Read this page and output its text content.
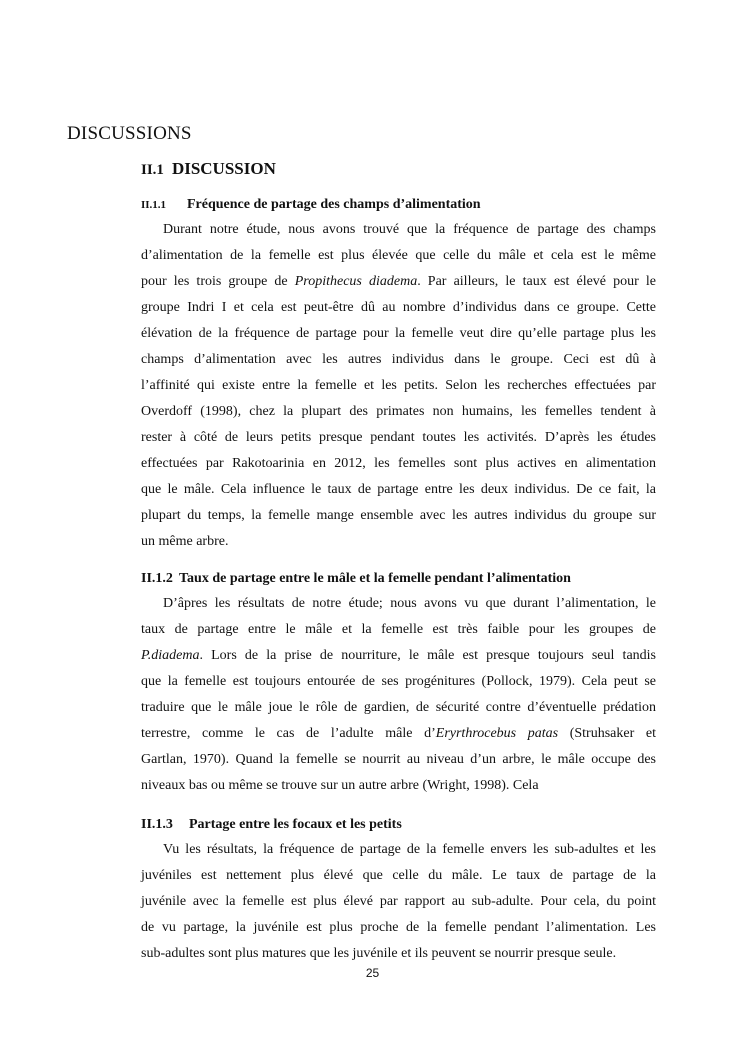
DISCUSSIONS
II.1 DISCUSSION
II.1.1 Fréquence de partage des champs d’alimentation
Durant notre étude, nous avons trouvé que la fréquence de partage des champs
d’alimentation de la femelle est plus élevée que celle du mâle et cela est le même
pour les trois groupe de Propithecus diadema. Par ailleurs, le taux est élevé pour le
groupe Indri I et cela est peut-être dû au nombre d’individus dans ce groupe. Cette
élévation de la fréquence de partage pour la femelle veut dire qu’elle partage plus les
champs d’alimentation avec les autres individus dans le groupe. Ceci est dû à
l’affinité qui existe entre la femelle et les petits. Selon les recherches effectuées par
Overdoff (1998), chez la plupart des primates non humains, les femelles tendent à
rester à côté de leurs petits presque pendant toutes les activités. D’après les études
effectuées par Rakotoarinia en 2012, les femelles sont plus actives en alimentation
que le mâle. Cela influence le taux de partage entre les deux individus. De ce fait, la
plupart du temps, la femelle mange ensemble avec les autres individus du groupe sur
un même arbre.
II.1.2 Taux de partage entre le mâle et la femelle pendant l’alimentation
D’âpres les résultats de notre étude; nous avons vu que durant l’alimentation, le
taux de partage entre le mâle et la femelle est très faible pour les groupes de
P.diadema. Lors de la prise de nourriture, le mâle est presque toujours seul tandis
que la femelle est toujours entourée de ses progénitures (Pollock, 1979). Cela peut se
traduire que le mâle joue le rôle de gardien, de sécurité contre d’éventuelle prédation
terrestre, comme le cas de l’adulte mâle d’Eryrthrocebus patas (Struhsaker et
Gartlan, 1970). Quand la femelle se nourrit au niveau d’un arbre, le mâle occupe des
niveaux bas ou même se trouve sur un autre arbre (Wright, 1998). Cela
II.1.3 Partage entre les focaux et les petits
Vu les résultats, la fréquence de partage de la femelle envers les sub-adultes et les
juvéniles est nettement plus élevé que celle du mâle. Le taux de partage de la
juvénile avec la femelle est plus élevé par rapport au sub-adulte. Pour cela, du point
de vu partage, la juvénile est plus proche de la femelle pendant l’alimentation. Les
sub-adultes sont plus matures que les juvénile et ils peuvent se nourrir presque seule.
25
